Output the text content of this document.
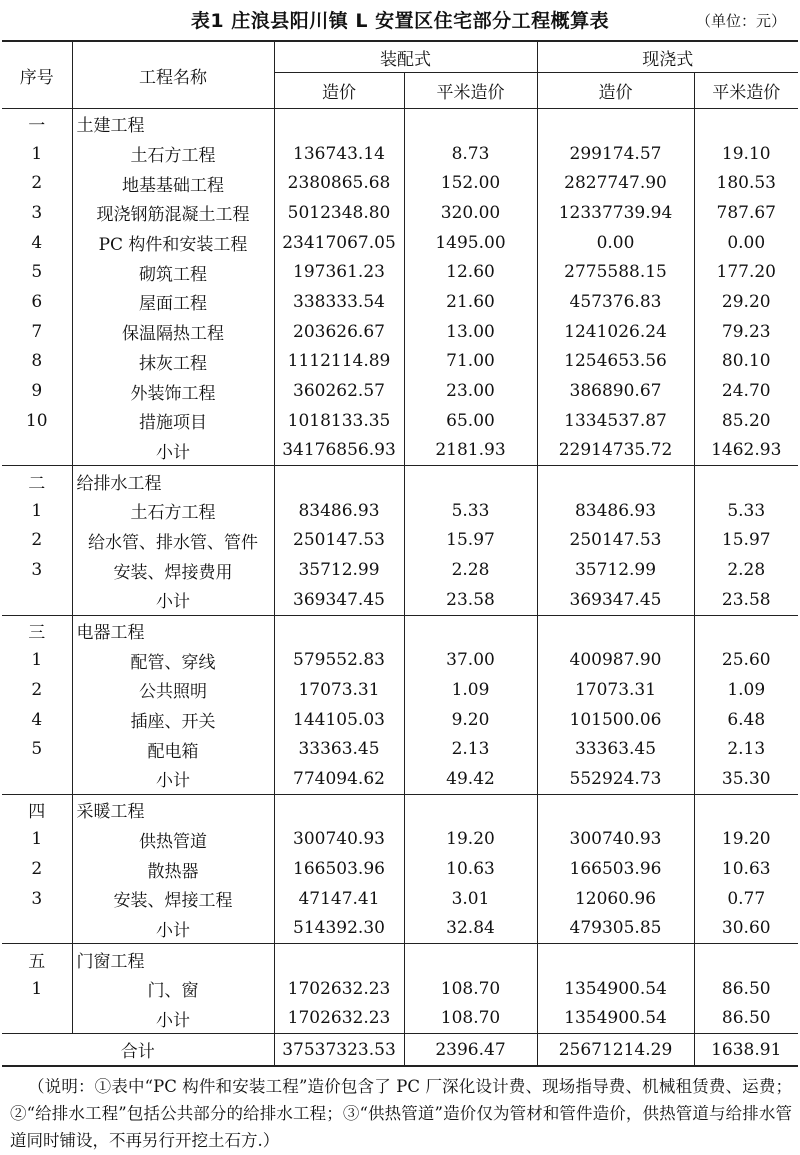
表1 庄浪县阳川镇 L 安置区住宅部分工程概算表	（单位：元）
序号	工程名称	装配式		现浇式	
		造价	平米造价	造价	平米造价
一	土建工程				
1	土石方工程	136743.14	8.73	299174.57	19.10
2	地基基础工程	2380865.68	152.00	2827747.90	180.53
3	现浇钢筋混凝土工程	5012348.80	320.00	12337739.94	787.67
4	PC 构件和安装工程	23417067.05	1495.00	0.00	0.00
5	砌筑工程	197361.23	12.60	2775588.15	177.20
6	屋面工程	338333.54	21.60	457376.83	29.20
7	保温隔热工程	203626.67	13.00	1241026.24	79.23
8	抹灰工程	1112114.89	71.00	1254653.56	80.10
9	外装饰工程	360262.57	23.00	386890.67	24.70
10	措施项目	1018133.35	65.00	1334537.87	85.20
	小计	34176856.93	2181.93	22914735.72	1462.93
二	给排水工程				
1	土石方工程	83486.93	5.33	83486.93	5.33
2	给水管、排水管、管件	250147.53	15.97	250147.53	15.97
3	安装、焊接费用	35712.99	2.28	35712.99	2.28
	小计	369347.45	23.58	369347.45	23.58
三	电器工程				
1	配管、穿线	579552.83	37.00	400987.90	25.60
2	公共照明	17073.31	1.09	17073.31	1.09
4	插座、开关	144105.03	9.20	101500.06	6.48
5	配电箱	33363.45	2.13	33363.45	2.13
	小计	774094.62	49.42	552924.73	35.30
四	采暖工程				
1	供热管道	300740.93	19.20	300740.93	19.20
2	散热器	166503.96	10.63	166503.96	10.63
3	安装、焊接工程	47147.41	3.01	12060.96	0.77
	小计	514392.30	32.84	479305.85	30.60
五	门窗工程				
1	门、窗	1702632.23	108.70	1354900.54	86.50
	小计	1702632.23	108.70	1354900.54	86.50
合计		37537323.53	2396.47	25671214.29	1638.91
（说明：①表中“PC 构件和安装工程”造价包含了 PC 厂深化设计费、现场指导费、机械租赁费、运费；②“给排水工程”包括公共部分的给排水工程；③“供热管道”造价仅为管材和管件造价，供热管道与给排水管道同时铺设，不再另行开挖土石方.）
